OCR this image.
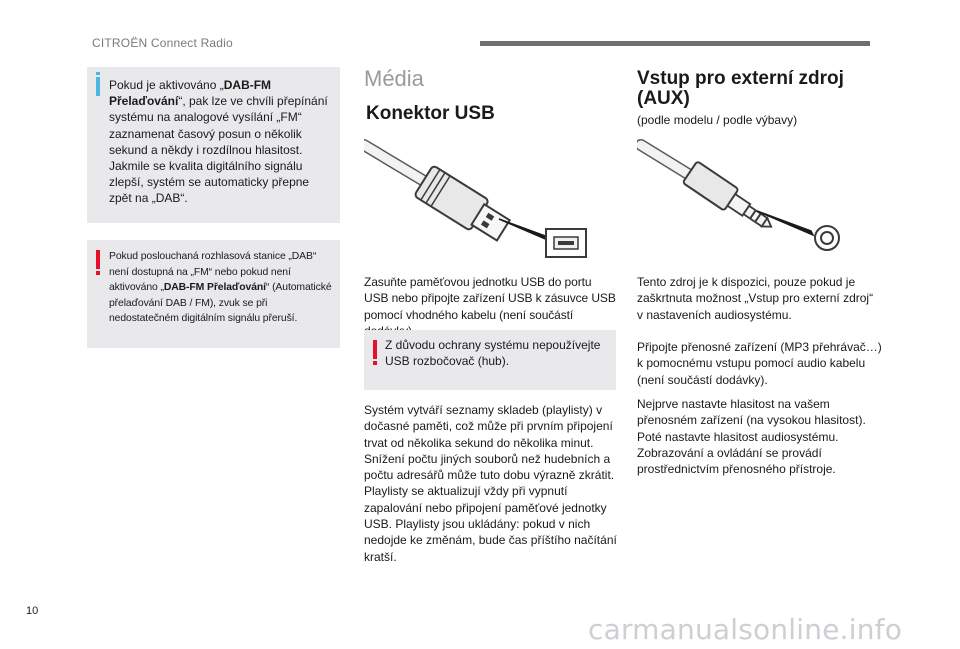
CITROËN Connect Radio
Pokud je aktivováno „DAB-FM Přelaďování“, pak lze ve chvíli přepínání systému na analogové vysílání „FM“ zaznamenat časový posun o několik sekund a někdy i rozdílnou hlasitost. Jakmile se kvalita digitálního signálu zlepší, systém se automaticky přepne zpět na „DAB“.
Pokud poslouchaná rozhlasová stanice „DAB“ není dostupná na „FM“ nebo pokud není aktivováno „DAB-FM Přelaďování“ (Automatické přelaďování DAB / FM), zvuk se při nedostatečném digitálním signálu přeruší.
Média
Konektor USB
Zasuňte paměťovou jednotku USB do portu USB nebo připojte zařízení USB k zásuvce USB pomocí vhodného kabelu (není součástí
Z důvodu ochrany systému nepoužívejte USB rozbočovač (hub).
Systém vytváří seznamy skladeb (playlisty) v dočasné paměti, což může při prvním připojení trvat od několika sekund do několika minut.
Snížení počtu jiných souborů než hudebních a počtu adresářů může tuto dobu výrazně zkrátit.
Playlisty se aktualizují vždy při vypnutí zapalování nebo připojení paměťové jednotky USB. Playlisty jsou ukládány: pokud v nich nedojde ke změnám, bude čas příštího načítání kratší.
Vstup pro externí zdroj (AUX)
(podle modelu / podle výbavy)
Tento zdroj je k dispozici, pouze pokud je zaškrtnuta možnost „Vstup pro externí zdroj“ v nastaveních audiosystému.
Připojte přenosné zařízení (MP3 přehrávač…) k pomocnému vstupu pomocí audio kabelu (není součástí dodávky).
Nejprve nastavte hlasitost na vašem přenosném zařízení (na vysokou hlasitost). Poté nastavte hlasitost audiosystému. Zobrazování a ovládání se provádí prostřednictvím přenosného přístroje.
10
carmanualsonline.info
